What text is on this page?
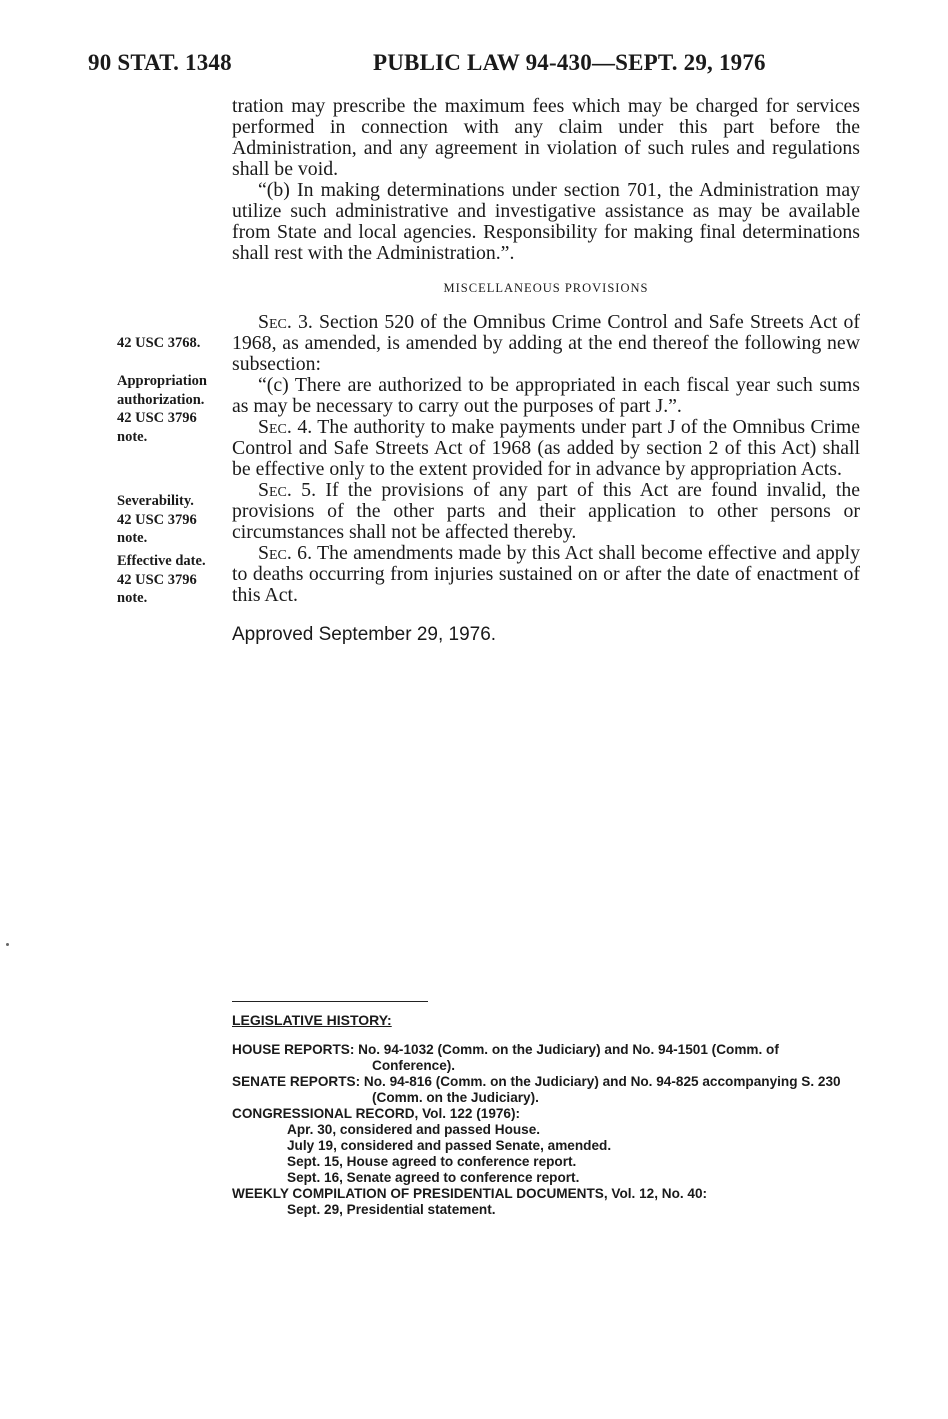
90 STAT. 1348	PUBLIC LAW 94-430—SEPT. 29, 1976

tration may prescribe the maximum fees which may be charged for services performed in connection with any claim under this part before the Administration, and any agreement in violation of such rules and regulations shall be void.

“(b) In making determinations under section 701, the Administration may utilize such administrative and investigative assistance as may be available from State and local agencies. Responsibility for making final determinations shall rest with the Administration.”.

MISCELLANEOUS PROVISIONS

Sec. 3. Section 520 of the Omnibus Crime Control and Safe Streets Act of 1968, as amended, is amended by adding at the end thereof the following new subsection:

“(c) There are authorized to be appropriated in each fiscal year such sums as may be necessary to carry out the purposes of part J.”.

Sec. 4. The authority to make payments under part J of the Omnibus Crime Control and Safe Streets Act of 1968 (as added by section 2 of this Act) shall be effective only to the extent provided for in advance by appropriation Acts.

Sec. 5. If the provisions of any part of this Act are found invalid, the provisions of the other parts and their application to other persons or circumstances shall not be affected thereby.

Sec. 6. The amendments made by this Act shall become effective and apply to deaths occurring from injuries sustained on or after the date of enactment of this Act.

42 USC 3768.
Appropriation
authorization.
42 USC 3796
note.
Severability.
42 USC 3796
note.
Effective date.
42 USC 3796
note.
Approved September 29, 1976.
LEGISLATIVE HISTORY:
HOUSE REPORTS: No. 94-1032 (Comm. on the Judiciary) and No. 94-1501 (Comm. of Conference).
SENATE REPORTS: No. 94-816 (Comm. on the Judiciary) and No. 94-825 accompanying S. 230 (Comm. on the Judiciary).
CONGRESSIONAL RECORD, Vol. 122 (1976):
Apr. 30, considered and passed House.
July 19, considered and passed Senate, amended.
Sept. 15, House agreed to conference report.
Sept. 16, Senate agreed to conference report.
WEEKLY COMPILATION OF PRESIDENTIAL DOCUMENTS, Vol. 12, No. 40:
Sept. 29, Presidential statement.
